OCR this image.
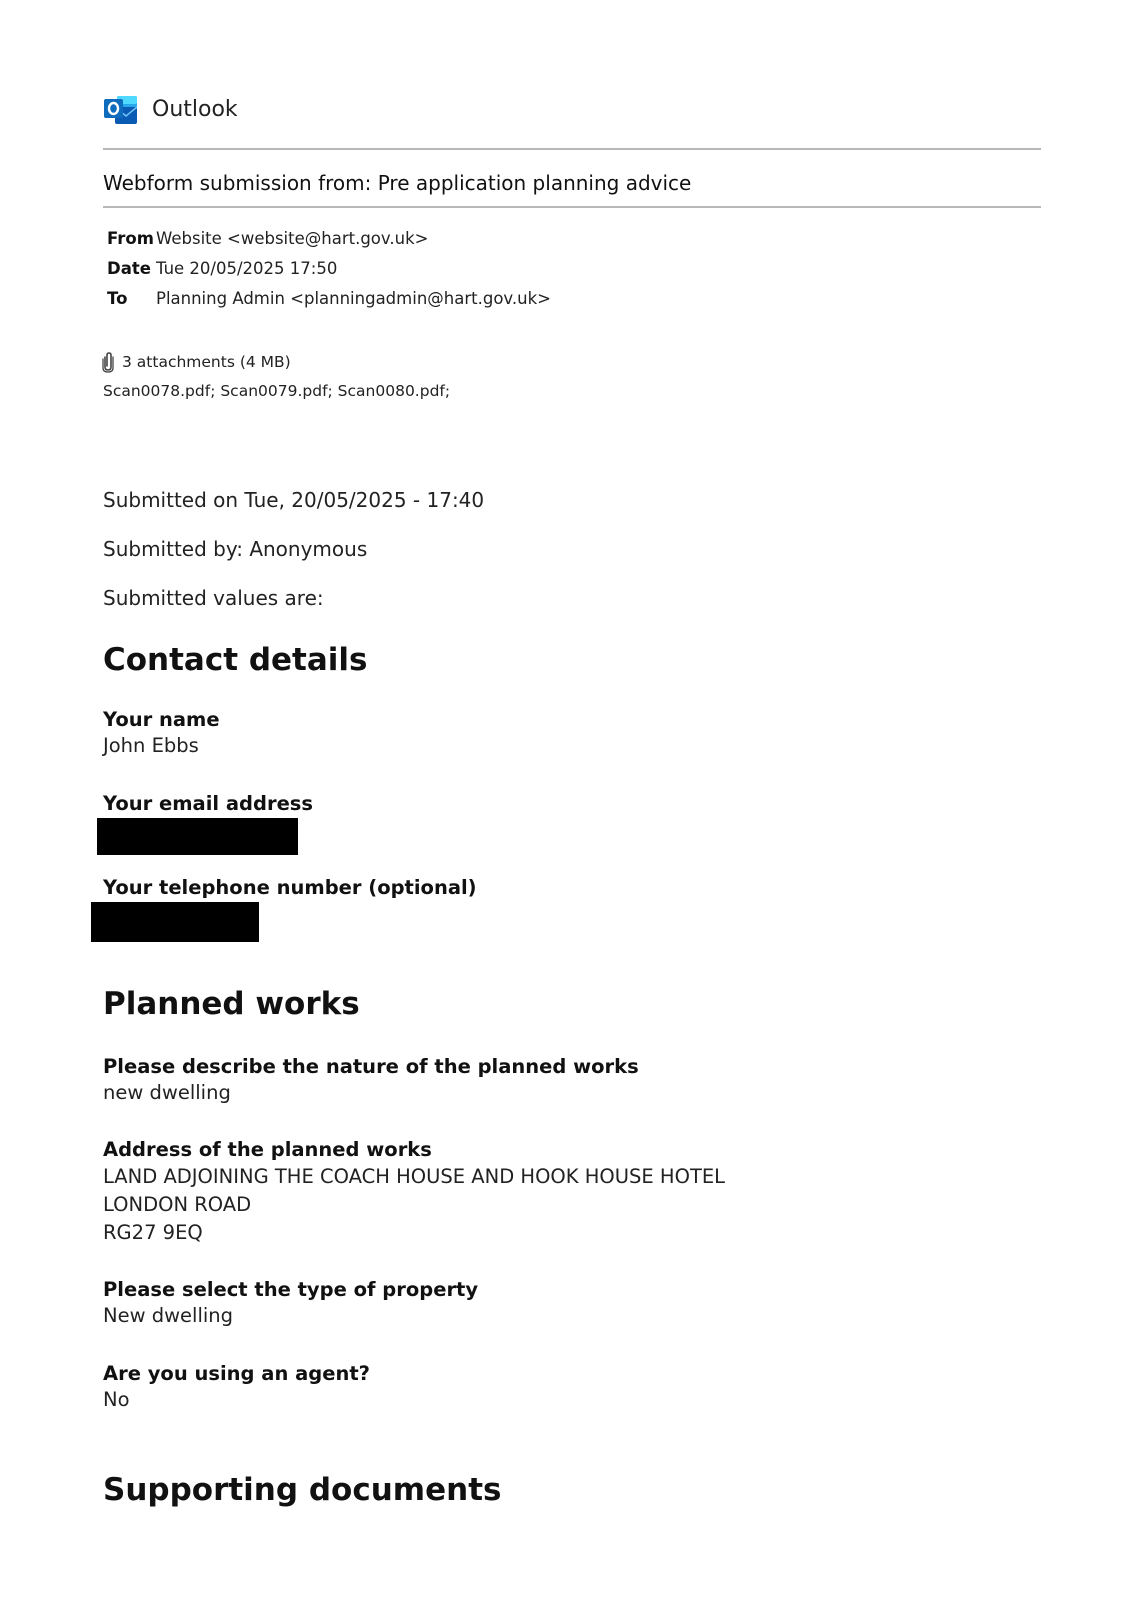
Outlook
Webform submission from: Pre application planning advice
From Website <website@hart.gov.uk>
Date Tue 20/05/2025 17:50
To Planning Admin <planningadmin@hart.gov.uk>
3 attachments (4 MB)
Scan0078.pdf; Scan0079.pdf; Scan0080.pdf;
Submitted on Tue, 20/05/2025 - 17:40
Submitted by: Anonymous
Submitted values are:
Contact details
Your name
John Ebbs
Your email address
Your telephone number (optional)
Planned works
Please describe the nature of the planned works
new dwelling
Address of the planned works
LAND ADJOINING THE COACH HOUSE AND HOOK HOUSE HOTEL
LONDON ROAD
RG27 9EQ
Please select the type of property
New dwelling
Are you using an agent?
No
Supporting documents
